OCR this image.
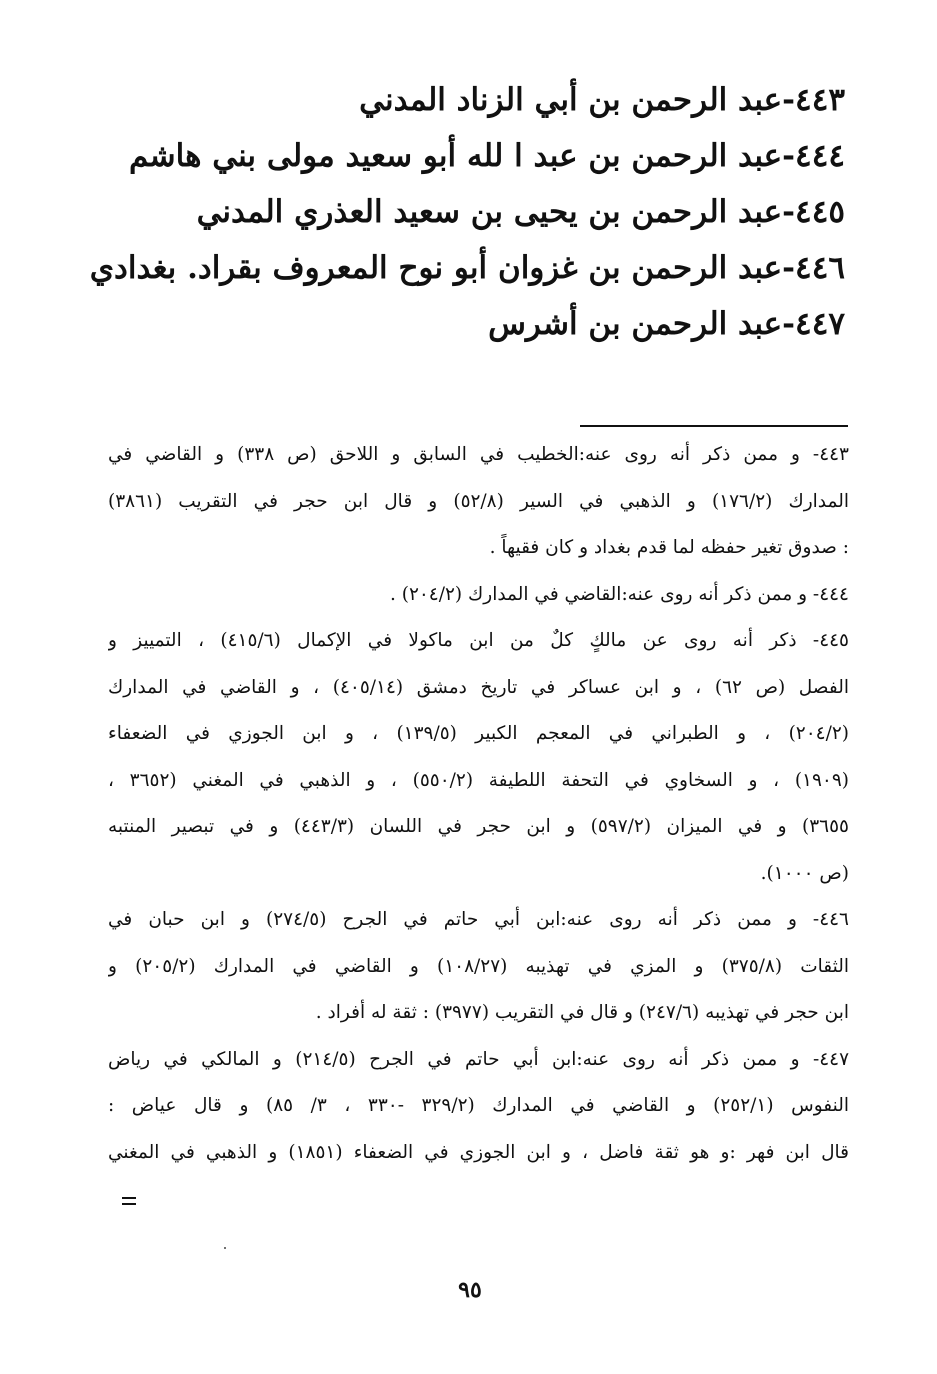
٤٤٣-عبد الرحمن بن أبي الزناد المدني
٤٤٤-عبد الرحمن بن عبد ا لله أبو سعيد مولى بني هاشم
٤٤٥-عبد الرحمن بن يحيى بن سعيد العذري المدني
٤٤٦-عبد الرحمن بن غزوان أبو نوح المعروف بقراد. بغدادي
٤٤٧-عبد الرحمن بن أشرس
٤٤٣- و ممن ذكر أنه روى عنه:الخطيب في السابق و اللاحق (ص ٣٣٨) و القاضي في
المدارك (١٧٦/٢) و الذهبي في السير (٥٢/٨) و قال ابن حجر في التقريب (٣٨٦١)
: صدوق تغير حفظه لما قدم بغداد و كان فقيهاً .
٤٤٤- و ممن ذكر أنه روى عنه:القاضي في المدارك (٢٠٤/٢) .
٤٤٥- ذكر أنه روى عن مالكٍ كلٌ من ابن ماكولا في الإكمال (٤١٥/٦) ، التمييز و
الفصل (ص ٦٢) ، و ابن عساكر في تاريخ دمشق (٤٠٥/١٤) ، و القاضي في المدارك
(٢٠٤/٢) ، و الطبراني في المعجم الكبير (١٣٩/٥) ، و ابن الجوزي في الضعفاء
(١٩٠٩) ، و السخاوي في التحفة اللطيفة (٥٥٠/٢) ، و الذهبي في المغني (٣٦٥٢ ،
٣٦٥٥) و في الميزان (٥٩٧/٢) و ابن حجر في اللسان (٤٤٣/٣) و في تبصير المنتبه
(ص ١٠٠٠).
٤٤٦- و ممن ذكر أنه روى عنه:ابن أبي حاتم في الجرح (٢٧٤/٥) و ابن حبان في
الثقات (٣٧٥/٨) و المزي في تهذيبه (١٠٨/٢٧) و القاضي في المدارك (٢٠٥/٢) و
ابن حجر في تهذيبه (٢٤٧/٦) و قال في التقريب (٣٩٧٧) : ثقة له أفراد .
٤٤٧- و ممن ذكر أنه روى عنه:ابن أبي حاتم في الجرح (٢١٤/٥) و المالكي في رياض
النفوس (٢٥٢/١) و القاضي في المدارك (٣٢٩/٢ -٣٣٠ ، ٣/ ٨٥) و قال عياض :
قال ابن فهر :و هو ثقة فاضل ، و ابن الجوزي في الضعفاء (١٨٥١) و الذهبي في المغني
٩٥
